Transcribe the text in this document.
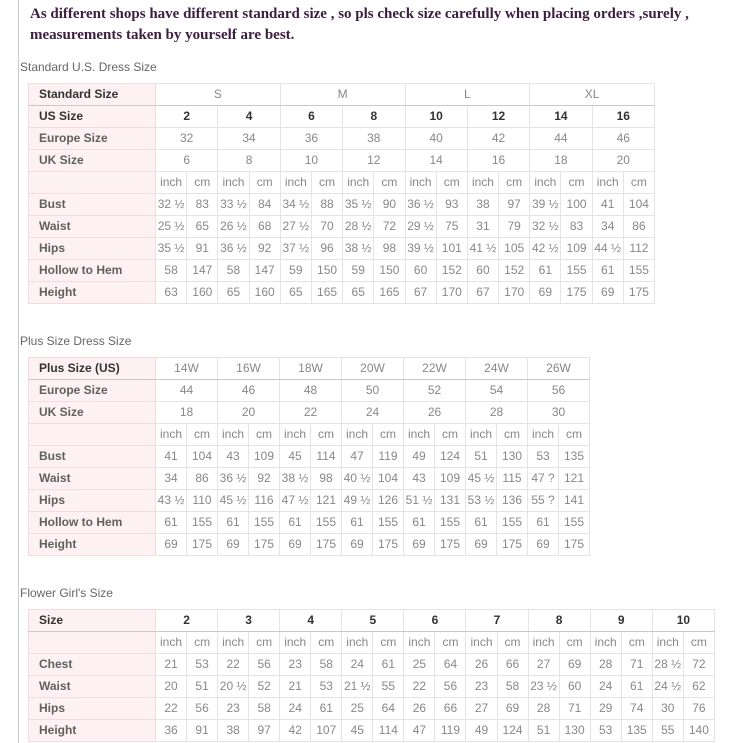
As different shops have different standard size , so pls check size carefully when placing orders ,surely , measurements taken by yourself are best.

Standard U.S. Dress Size
Standard Size	S				M				L				XL			
US Size	2		4		6		8		10		12		14		16	
Europe Size	32		34		36		38		40		42		44		46	
UK Size	6		8		10		12		14		16		18		20	
	inch	cm	inch	cm	inch	cm	inch	cm	inch	cm	inch	cm	inch	cm	inch	cm
Bust	32 ½	83	33 ½	84	34 ½	88	35 ½	90	36 ½	93	38	97	39 ½	100	41	104
Waist	25 ½	65	26 ½	68	27 ½	70	28 ½	72	29 ½	75	31	79	32 ½	83	34	86
Hips	35 ½	91	36 ½	92	37 ½	96	38 ½	98	39 ½	101	41 ½	105	42 ½	109	44 ½	112
Hollow to Hem	58	147	58	147	59	150	59	150	60	152	60	152	61	155	61	155
Height	63	160	65	160	65	165	65	165	67	170	67	170	69	175	69	175
Plus Size Dress Size
Plus Size (US)	14W		16W		18W		20W		22W		24W		26W	
Europe Size	44		46		48		50		52		54		56	
UK Size	18		20		22		24		26		28		30	
	inch	cm	inch	cm	inch	cm	inch	cm	inch	cm	inch	cm	inch	cm
Bust	41	104	43	109	45	114	47	119	49	124	51	130	53	135
Waist	34	86	36 ½	92	38 ½	98	40 ½	104	43	109	45 ½	115	47 ?	121
Hips	43 ½	110	45 ½	116	47 ½	121	49 ½	126	51 ½	131	53 ½	136	55 ?	141
Hollow to Hem	61	155	61	155	61	155	61	155	61	155	61	155	61	155
Height	69	175	69	175	69	175	69	175	69	175	69	175	69	175
Flower Girl's Size
Size	2		3		4		5		6		7		8		9		10	
	inch	cm	inch	cm	inch	cm	inch	cm	inch	cm	inch	cm	inch	cm	inch	cm	inch	cm
Chest	21	53	22	56	23	58	24	61	25	64	26	66	27	69	28	71	28 ½	72
Waist	20	51	20 ½	52	21	53	21 ½	55	22	56	23	58	23 ½	60	24	61	24 ½	62
Hips	22	56	23	58	24	61	25	64	26	66	27	69	28	71	29	74	30	76
Height	36	91	38	97	42	107	45	114	47	119	49	124	51	130	53	135	55	140
